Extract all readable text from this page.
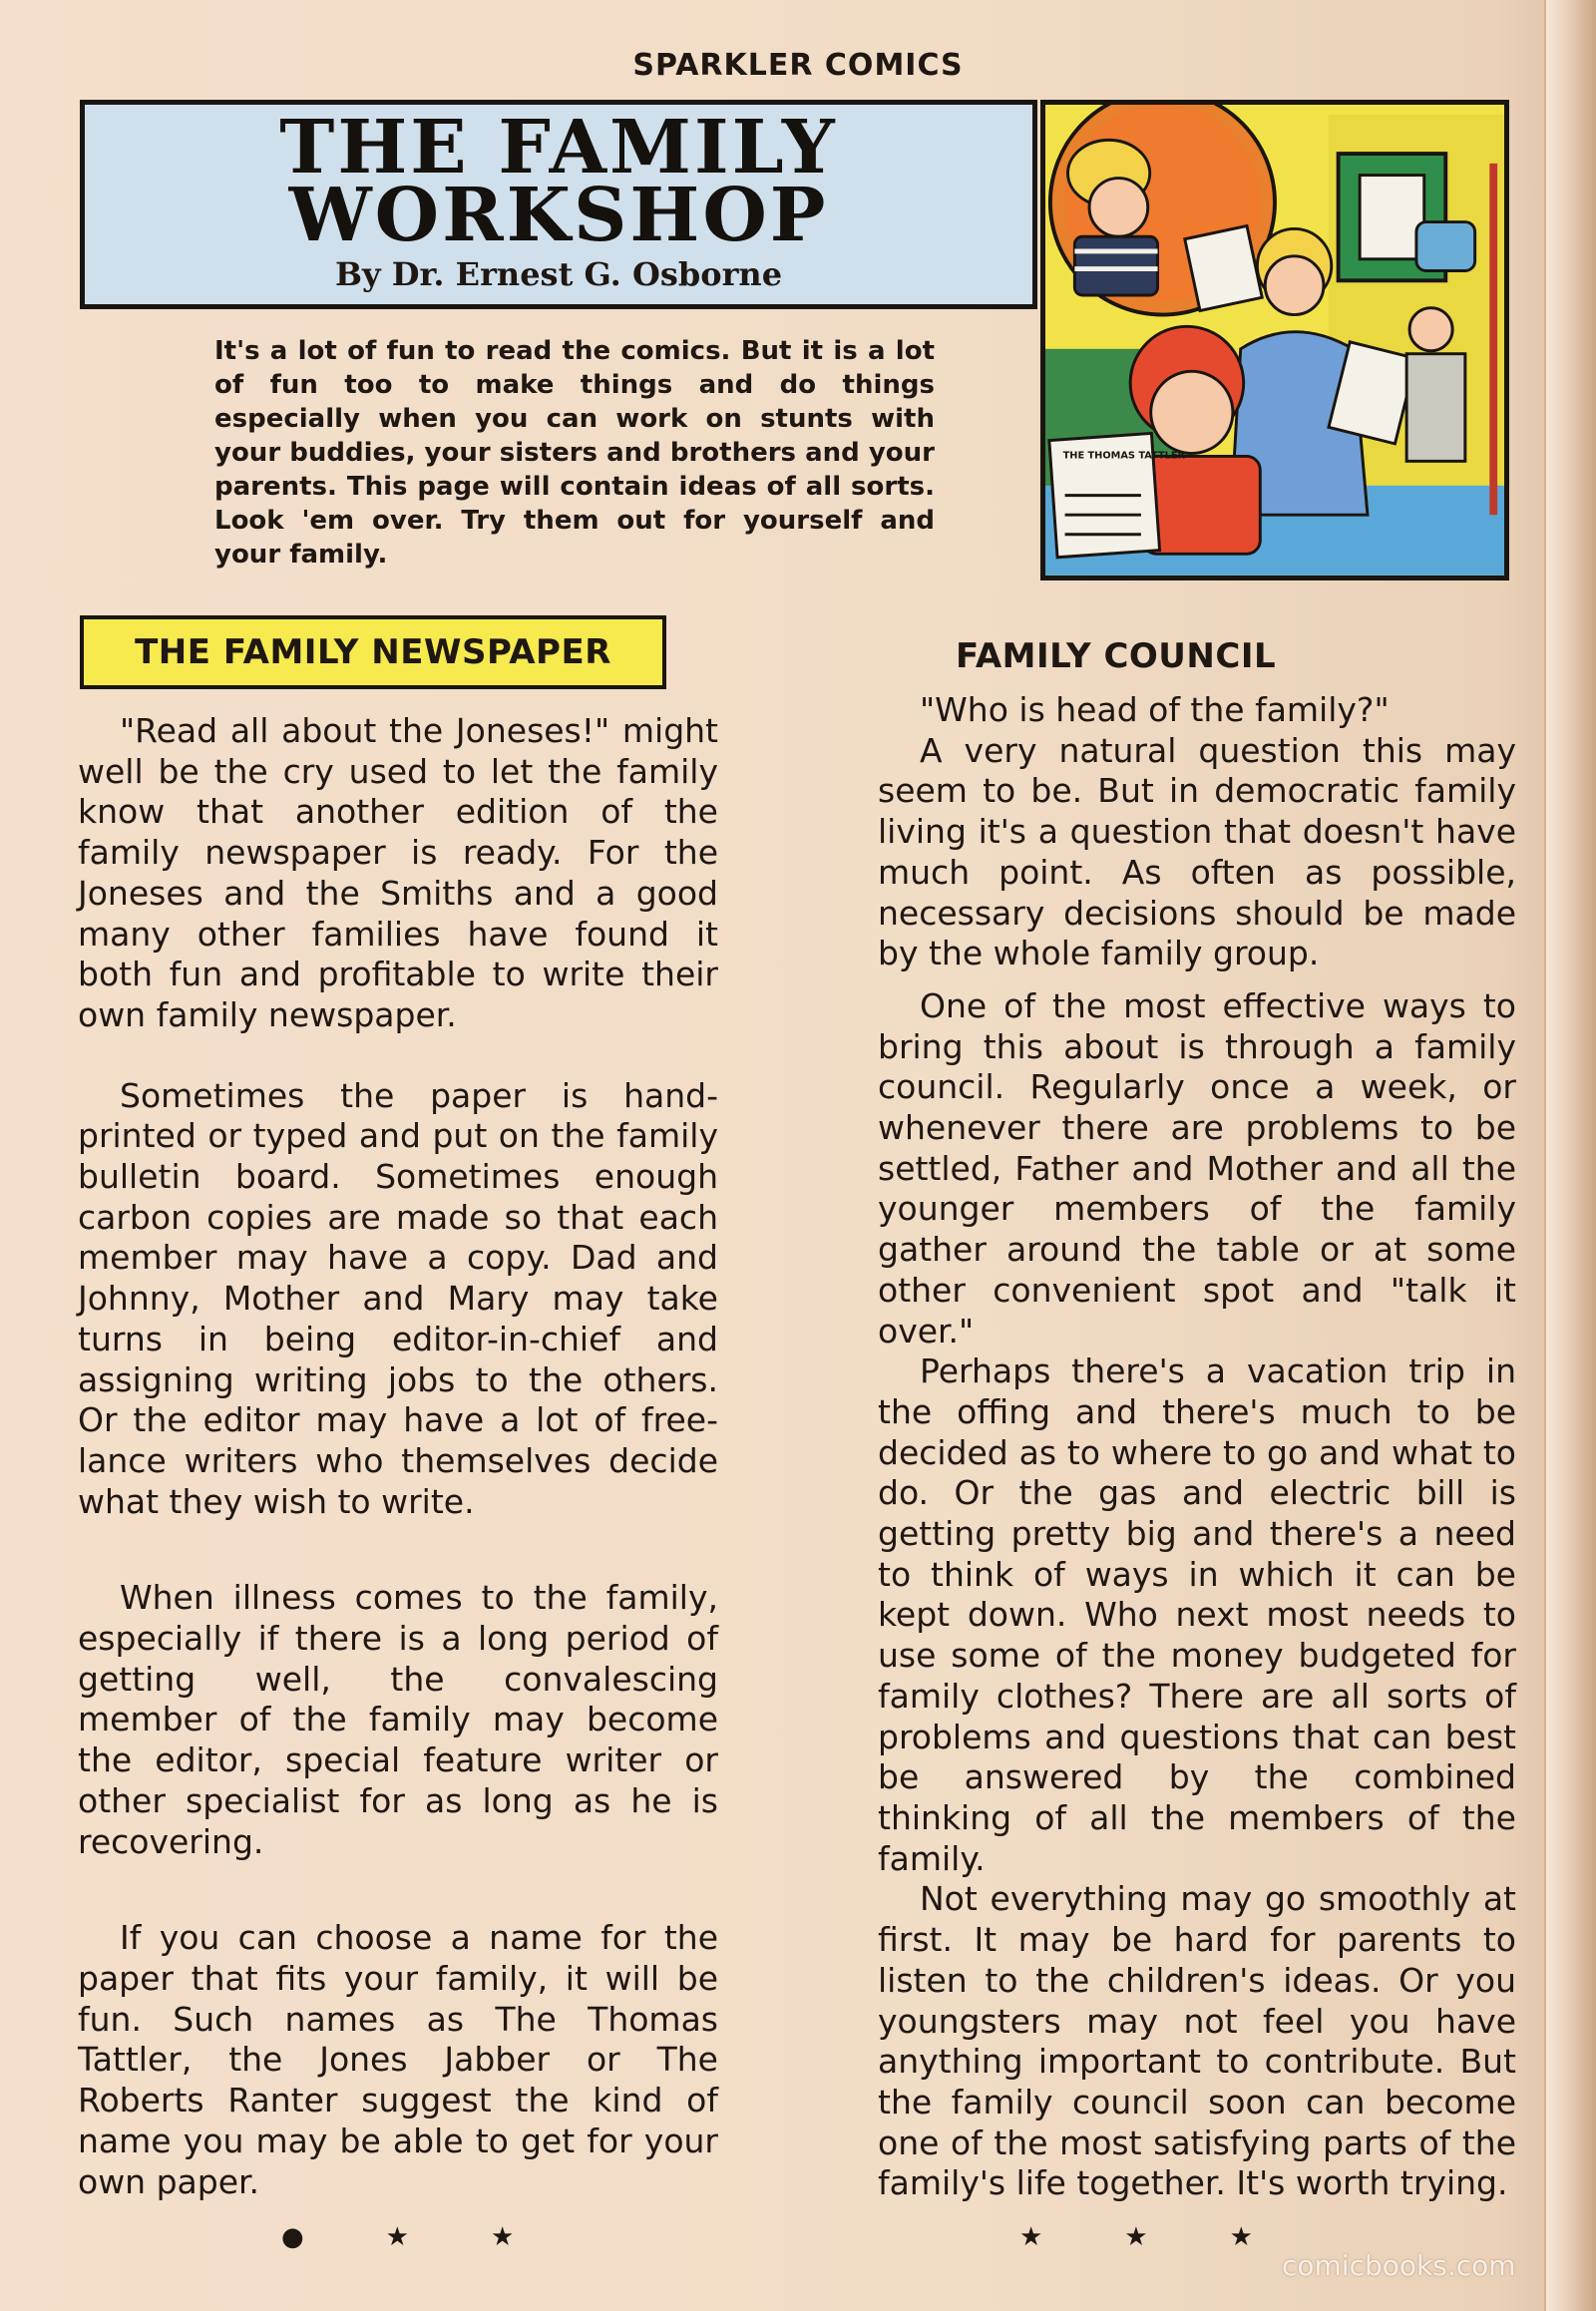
SPARKLER COMICS
THE FAMILY
WORKSHOP
By Dr. Ernest G. Osborne
It's a lot of fun to read the comics. But it is a lot of fun too to make things and do things especially when you can work on stunts with your buddies, your sisters and brothers and your parents. This page will contain ideas of all sorts. Look 'em over. Try them out for yourself and your family.
THE THOMAS TATTLER
THE FAMILY NEWSPAPER	FAMILY COUNCIL

"Read all about the Joneses!" might well be the cry used to let the family know that another edition of the family newspaper is ready. For the Joneses and the Smiths and a good many other families have found it both fun and profitable to write their own family newspaper.

Sometimes the paper is hand-printed or typed and put on the family bulletin board. Sometimes enough carbon copies are made so that each member may have a copy. Dad and Johnny, Mother and Mary may take turns in being editor-in-chief and assigning writing jobs to the others. Or the editor may have a lot of free-lance writers who themselves decide what they wish to write.

When illness comes to the family, especially if there is a long period of getting well, the convalescing member of the family may become the editor, special feature writer or other specialist for as long as he is recovering.

If you can choose a name for the paper that fits your family, it will be fun. Such names as The Thomas Tattler, the Jones Jabber or The Roberts Ranter suggest the kind of name you may be able to get for your own paper.

"Who is head of the family?"

A very natural question this may seem to be. But in democratic family living it's a question that doesn't have much point. As often as possible, necessary decisions should be made by the whole family group.

One of the most effective ways to bring this about is through a family council. Regularly once a week, or whenever there are problems to be settled, Father and Mother and all the younger members of the family gather around the table or at some other convenient spot and "talk it over."

Perhaps there's a vacation trip in the offing and there's much to be decided as to where to go and what to do. Or the gas and electric bill is getting pretty big and there's a need to think of ways in which it can be kept down. Who next most needs to use some of the money budgeted for family clothes? There are all sorts of problems and questions that can best be answered by the combined thinking of all the members of the family.

Not everything may go smoothly at first. It may be hard for parents to listen to the children's ideas. Or you youngsters may not feel you have anything important to contribute. But the family council soon can become one of the most satisfying parts of the family's life together. It's worth trying.

●★★	★★★
comicbooks.com
